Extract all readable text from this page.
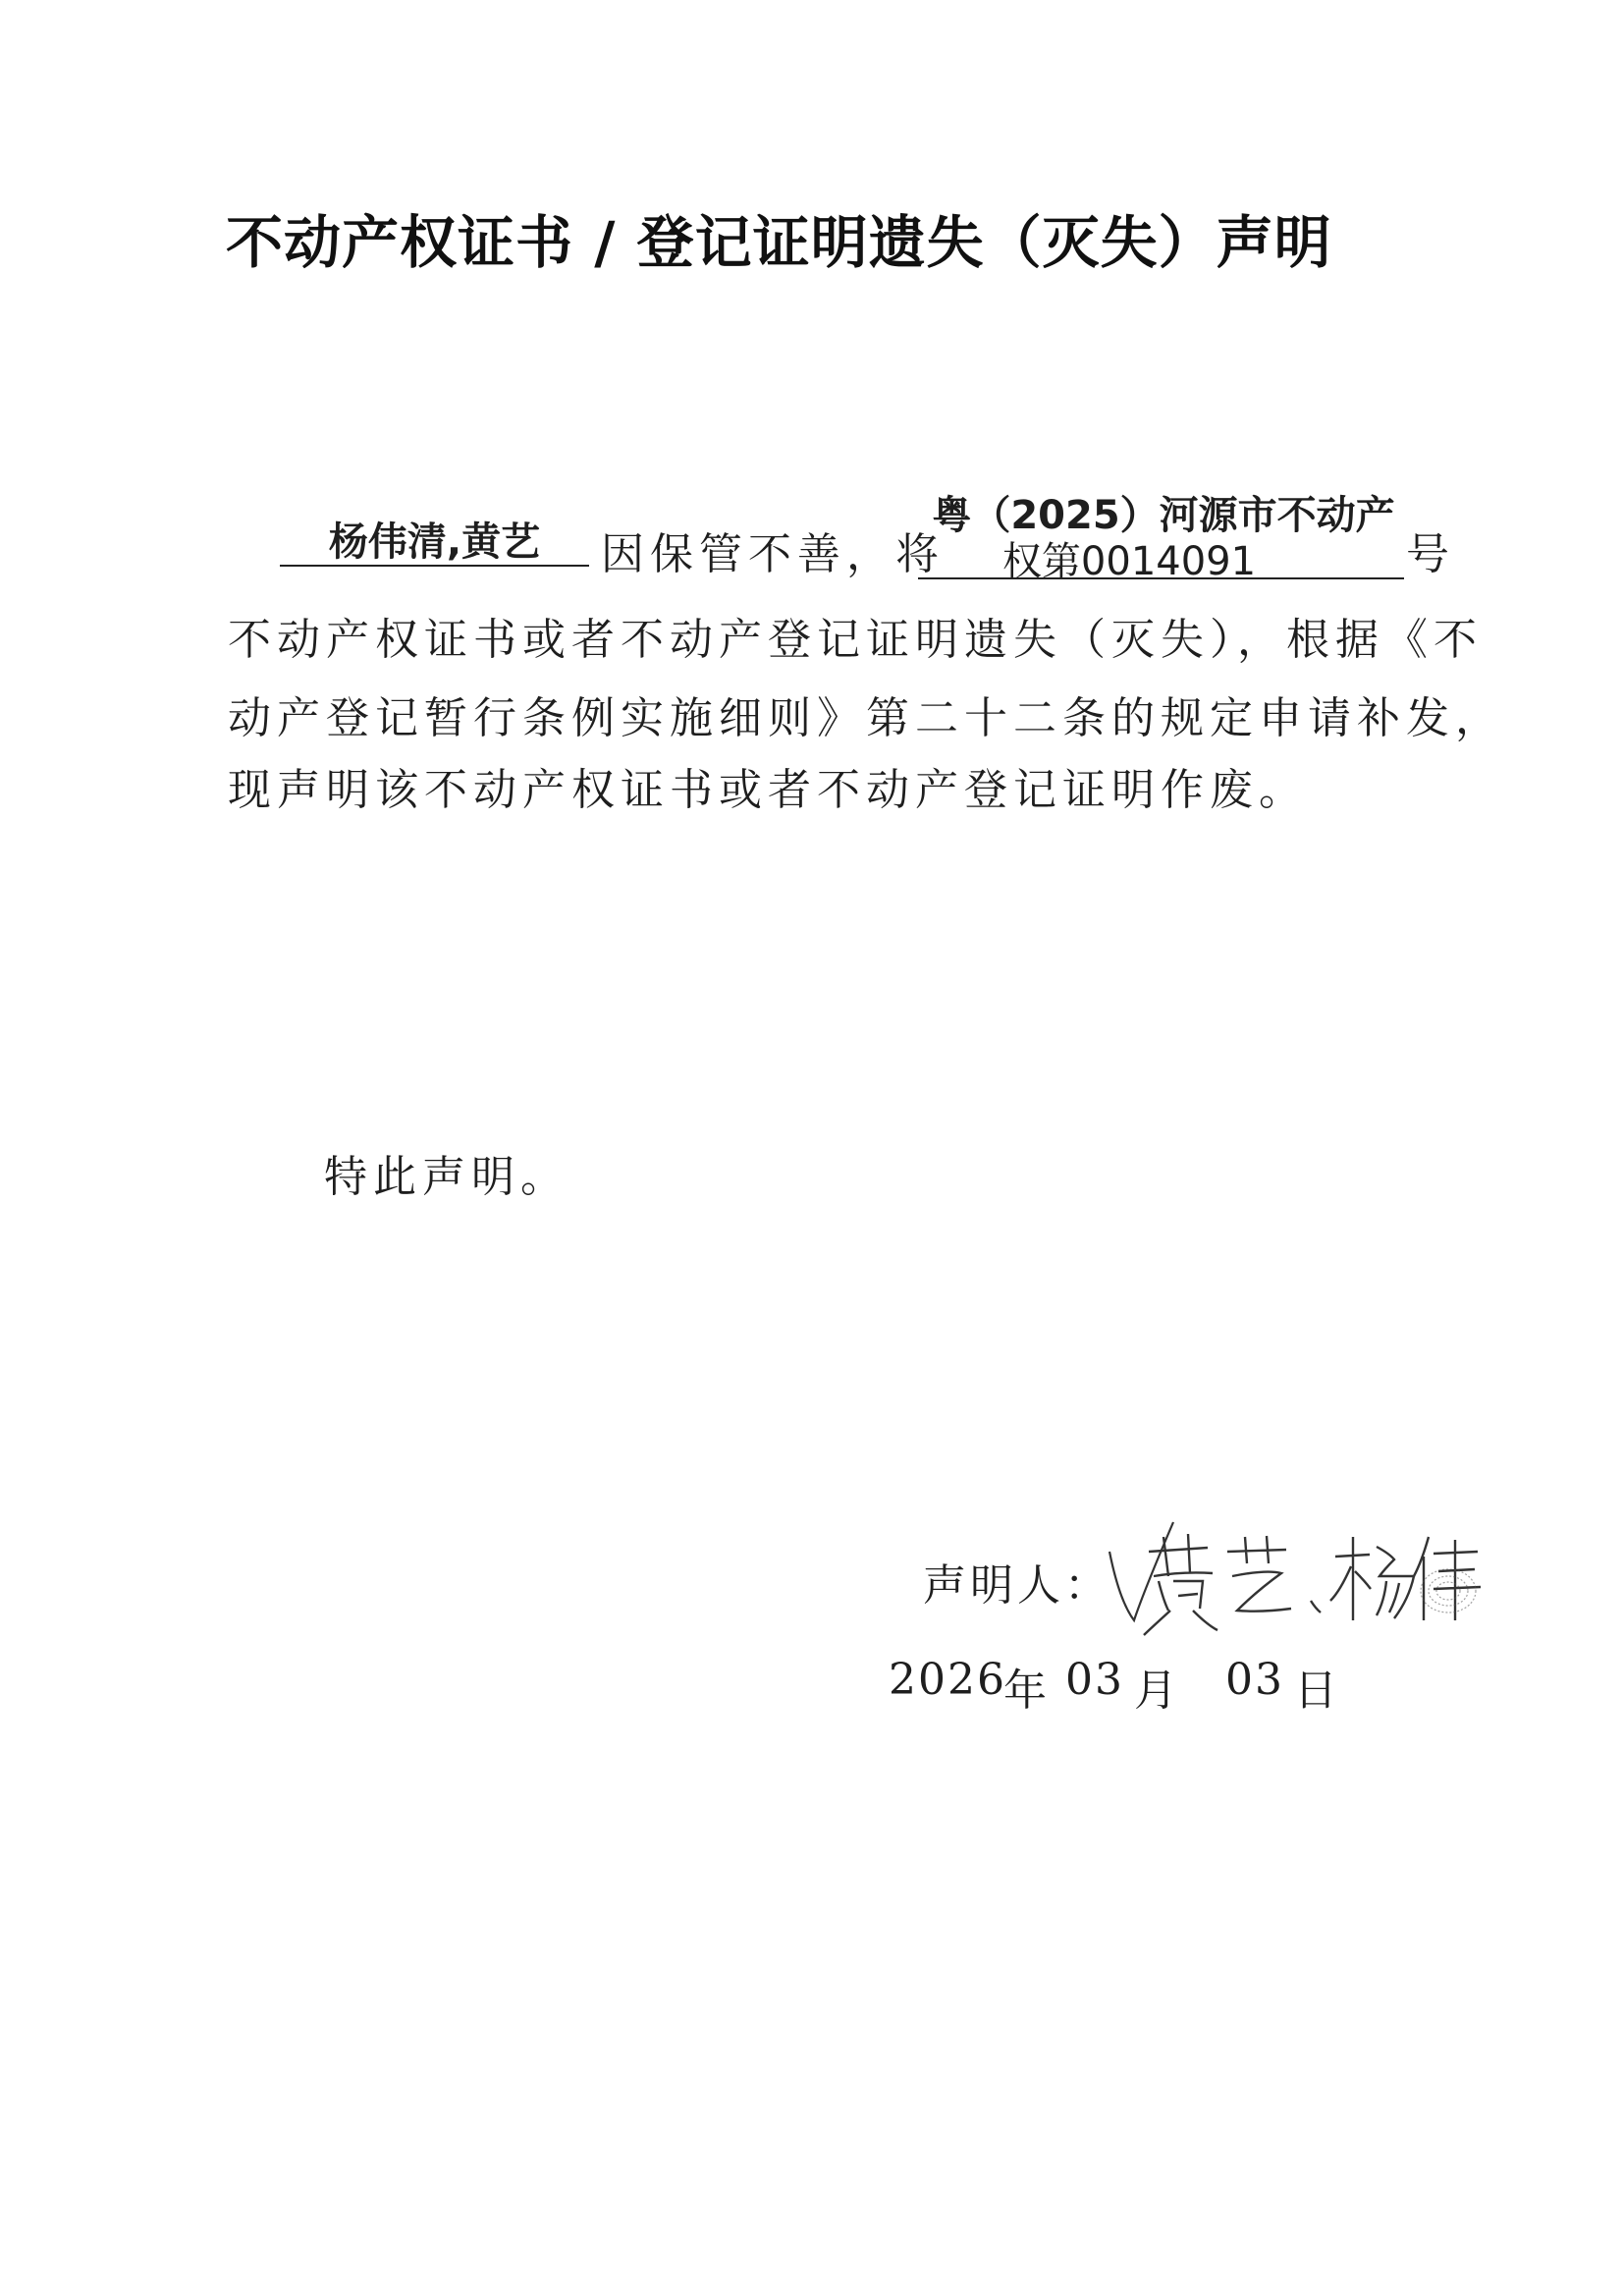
不动产权证书 / 登记证明遗失（灭失）声明
杨伟清,黄艺	因保管不善，将
粤（2025）河源市不动产
权第0014091	号
不动产权证书或者不动产登记证明遗失（灭失），根据《不
动产登记暂行条例实施细则》第二十二条的规定申请补发，
现声明该不动产权证书或者不动产登记证明作废。
特此声明。
声明人：
2026
年 03 月 03 日
